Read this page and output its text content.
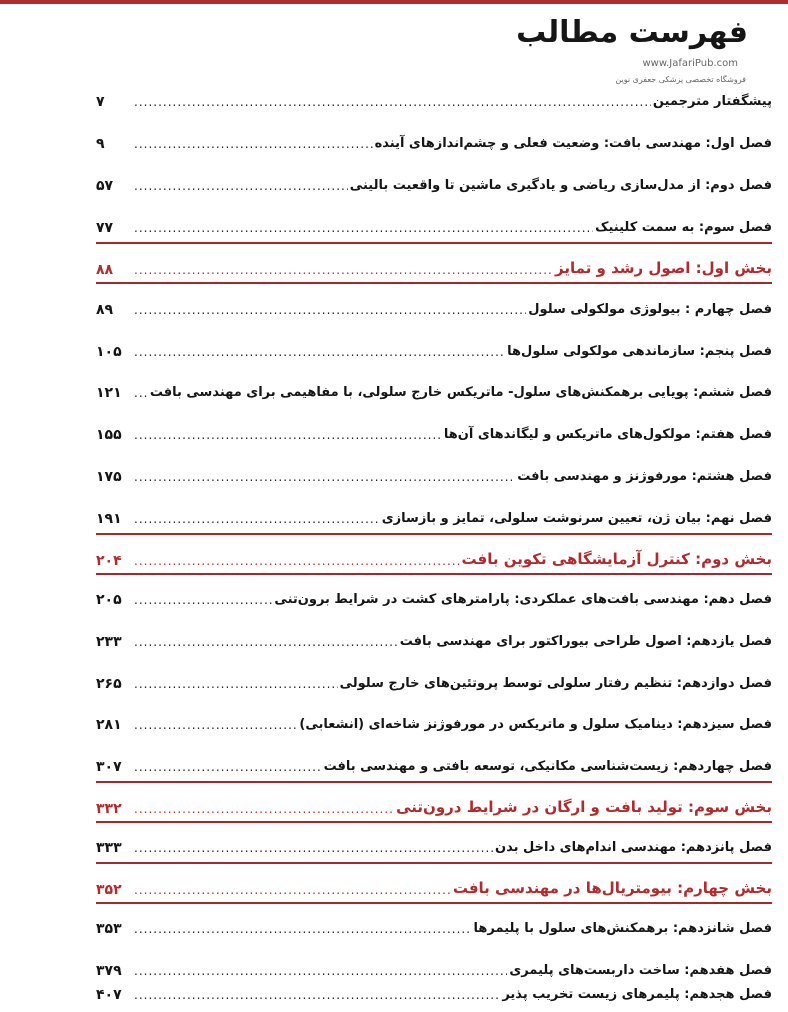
فهرست مطالب
www.JafariPub.com
فروشگاه تخصصی پزشکی جعفری نوین
پیشگفتار مترجمین
.....
۷
فصل اول: مهندسی بافت: وضعیت فعلی و چشم‌اندازهای آینده
.....
۹
فصل دوم: از مدل‌سازی ریاضی و یادگیری ماشین تا واقعیت بالینی
.....
۵۷
فصل سوم: به سمت کلینیک
.....
۷۷
بخش اول: اصول رشد و تمایز
.....
۸۸
فصل چهارم : بیولوژی مولکولی سلول
.....
۸۹
فصل پنجم: سازماندهی مولکولی سلول‌ها
.....
۱۰۵
فصل ششم: پویایی برهمکنش‌های سلول- ماتریکس خارج سلولی، با مفاهیمی برای مهندسی بافت
.....
۱۲۱
فصل هفتم: مولکول‌های ماتریکس و لیگاندهای آن‌ها
.....
۱۵۵
فصل هشتم: مورفوژنز و مهندسی بافت
.....
۱۷۵
فصل نهم: بیان ژن، تعیین سرنوشت سلولی، تمایز و بازسازی
.....
۱۹۱
بخش دوم: کنترل آزمایشگاهی تکوین بافت
.....
۲۰۴
فصل دهم: مهندسی بافت‌های عملکردی: پارامترهای کشت در شرایط برون‌تنی
.....
۲۰۵
فصل یازدهم: اصول طراحی بیوراکتور برای مهندسی بافت
.....
۲۳۳
فصل دوازدهم: تنظیم رفتار سلولی توسط پروتئین‌های خارج سلولی
.....
۲۶۵
فصل سیزدهم: دینامیک سلول و ماتریکس در مورفوژنز شاخه‌ای (انشعابی)
.....
۲۸۱
فصل چهاردهم: زیست‌شناسی مکانیکی، توسعه بافتی و مهندسی بافت
.....
۳۰۷
بخش سوم: تولید بافت و ارگان در شرایط درون‌تنی
.....
۳۳۲
فصل پانزدهم: مهندسی اندام‌های داخل بدن
.....
۳۳۳
بخش چهارم: بیومتریال‌ها در مهندسی بافت
.....
۳۵۲
فصل شانزدهم: برهمکنش‌های سلول با پلیمرها
.....
۳۵۳
فصل هفدهم: ساخت داربست‌های پلیمری
.....
۳۷۹
فصل هجدهم: پلیمرهای زیست تخریب پذیر
.....
۴۰۷
